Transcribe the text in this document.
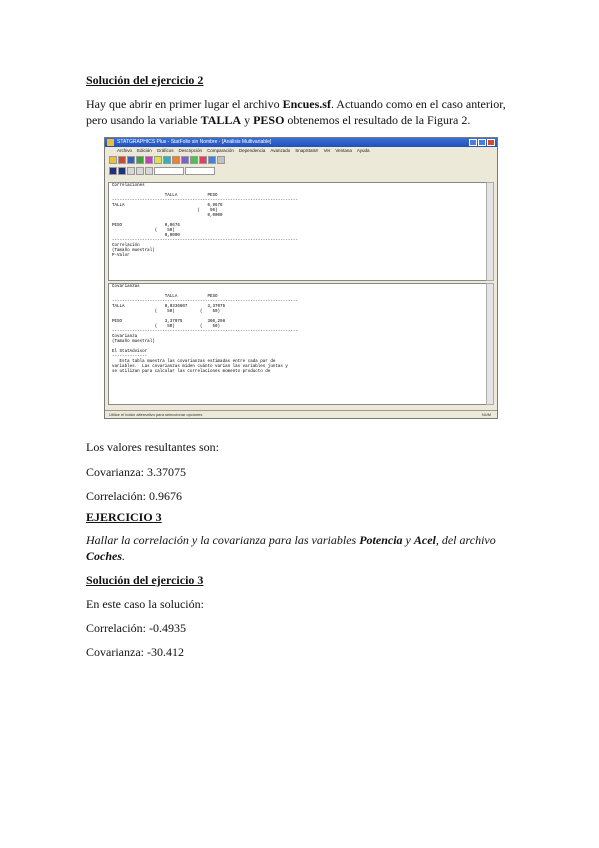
Solución del ejercicio 2
Hay que abrir en primer lugar el archivo Encues.sf. Actuando como en el caso anterior,
pero usando la variable TALLA y PESO obtenemos el resultado de la Figura 2.
STATGRAPHICS Plus - StatFolio sin Nombre - [Análisis Multivariable]
Archivo Edición Gráficos Descripción Comparación Dependencia Avanzado SnapStats!! Ver Ventana Ayuda
Correlaciones

TALLA            PESO
--------------------------------------------------------------------------
TALLA                                 0,9676
(    50)
0,0000

PESO                 0,9676
(    50)
0,0000
--------------------------------------------------------------------------
Correlación
(Tamaño muestral)
P-Valor
Covarianzas

TALLA            PESO
--------------------------------------------------------------------------
TALLA                0,0336607        3,37075
(    50)          (    50)

PESO                 3,37075          360,298
(    50)          (    50)
--------------------------------------------------------------------------
Covarianza
(Tamaño muestral)

El StatAdvisor
--------------
Esta tabla muestra las covarianzas estimadas entre cada par de
variables.  Las covarianzas miden cuánto varían las variables juntas y
se utilizan para calcular las correlaciones momento producto de
Utilice el botón alternativo para seleccionar opciones	NUM
Los valores resultantes son:
Covarianza: 3.37075
Correlación: 0.9676
EJERCICIO 3
Hallar la correlación y la covarianza para las variables Potencia y Acel, del archivo
Coches.
Solución del ejercicio 3
En este caso la solución:
Correlación: -0.4935
Covarianza: -30.412
